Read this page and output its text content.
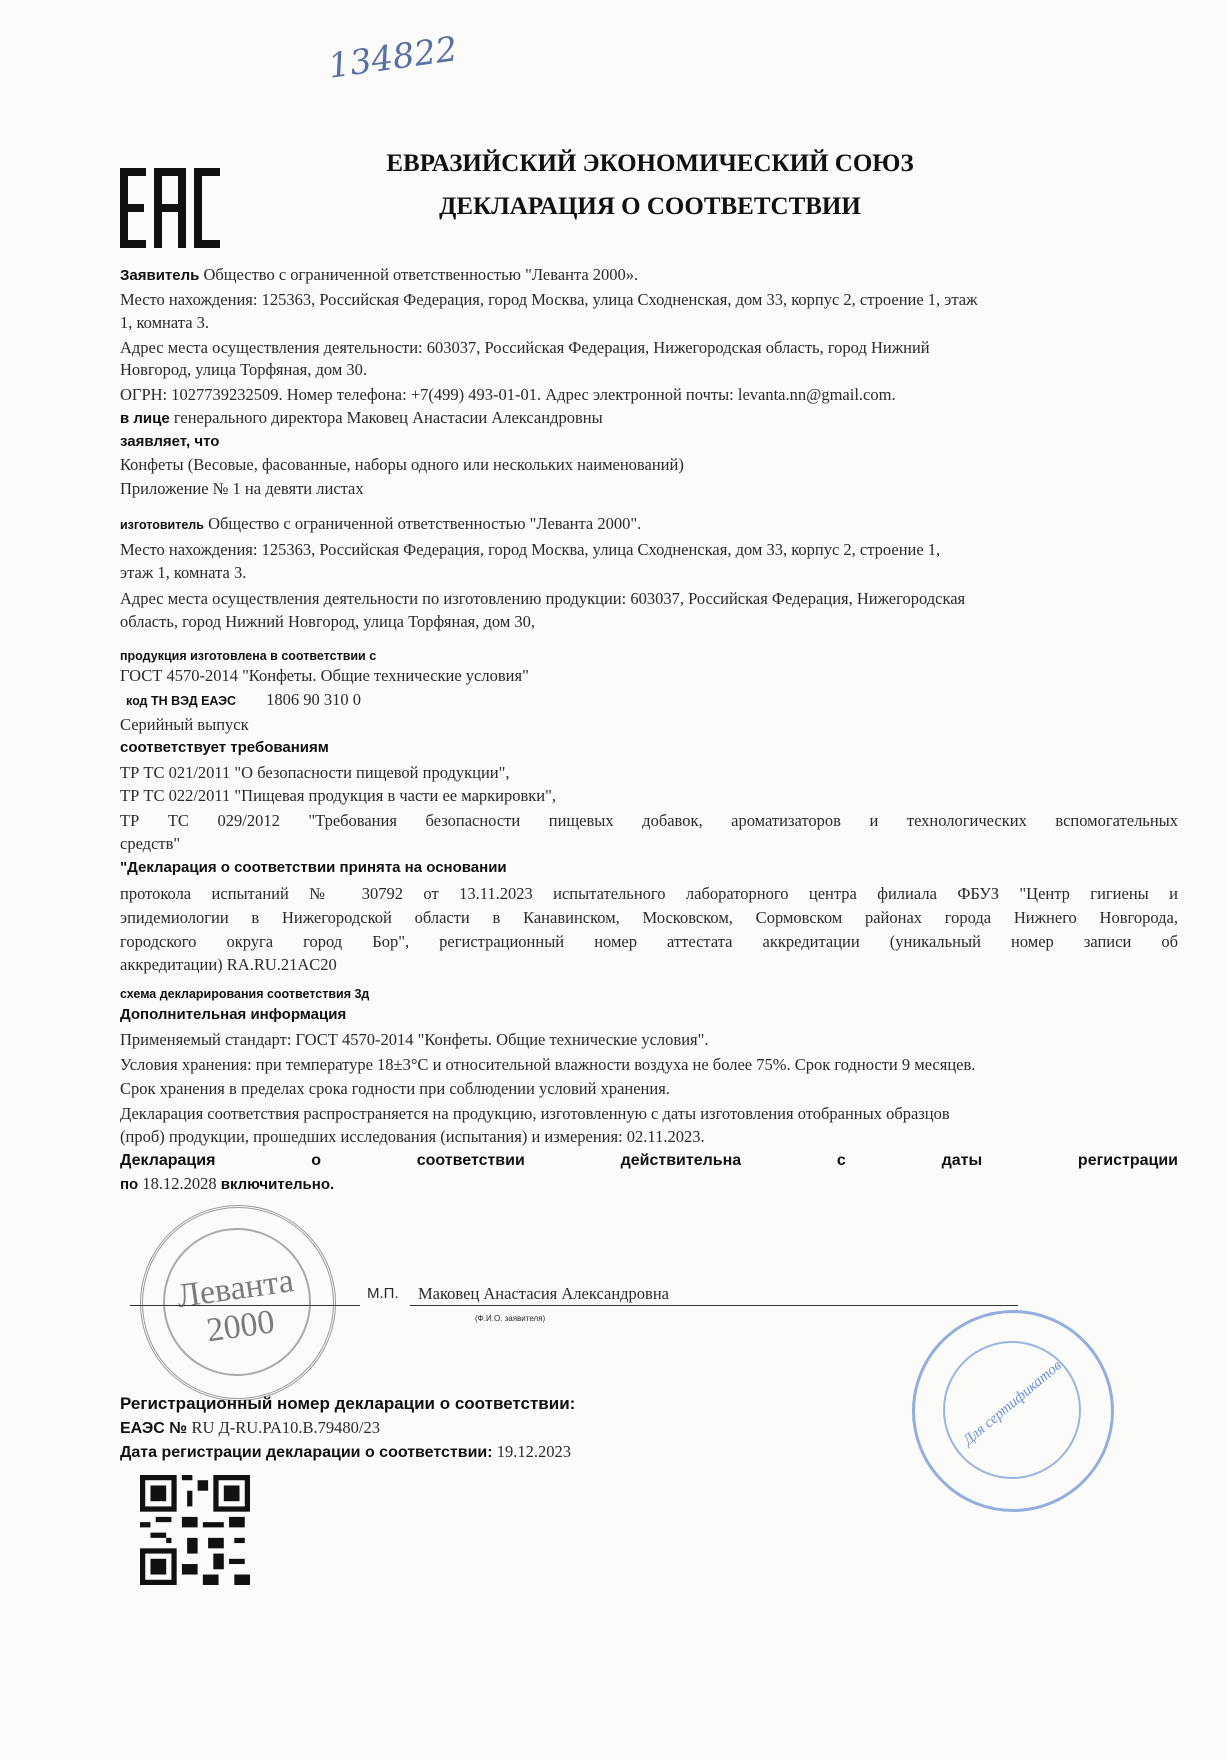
134822
ЕВРАЗИЙСКИЙ ЭКОНОМИЧЕСКИЙ СОЮЗ
ДЕКЛАРАЦИЯ О СООТВЕТСТВИИ
Заявитель Общество с ограниченной ответственностью "Леванта 2000».
Место нахождения: 125363, Российская Федерация, город Москва, улица Сходненская, дом 33, корпус 2, строение 1, этаж
1, комната 3.
Адрес места осуществления деятельности: 603037, Российская Федерация, Нижегородская область, город Нижний
Новгород, улица Торфяная, дом 30.
ОГРН: 1027739232509. Номер телефона: +7(499) 493-01-01. Адрес электронной почты: levanta.nn@gmail.com.
в лице генерального директора Маковец Анастасии Александровны
заявляет, что
Конфеты (Весовые, фасованные, наборы одного или нескольких наименований)
Приложение № 1 на девяти листах
изготовитель Общество с ограниченной ответственностью "Леванта 2000".
Место нахождения: 125363, Российская Федерация, город Москва, улица Сходненская, дом 33, корпус 2, строение 1,
этаж 1, комната 3.
Адрес места осуществления деятельности по изготовлению продукции: 603037, Российская Федерация, Нижегородская
область, город Нижний Новгород, улица Торфяная, дом 30,
продукция изготовлена в соответствии с
ГОСТ 4570-2014 "Конфеты. Общие технические условия"
код ТН ВЭД ЕАЭС 1806 90 310 0
Серийный выпуск
соответствует требованиям
ТР ТС 021/2011 "О безопасности пищевой продукции",
ТР ТС 022/2011 "Пищевая продукция в части ее маркировки",
ТР ТС 029/2012 "Требования безопасности пищевых добавок, ароматизаторов и технологических вспомогательных
средств"
"Декларация о соответствии принята на основании
протокола испытаний № 30792 от 13.11.2023 испытательного лабораторного центра филиала ФБУЗ "Центр гигиены и
эпидемиологии в Нижегородской области в Канавинском, Московском, Сормовском районах города Нижнего Новгорода,
городского округа город Бор", регистрационный номер аттестата аккредитации (уникальный номер записи об
аккредитации) RA.RU.21AC20
схема декларирования соответствия 3д
Дополнительная информация
Применяемый стандарт: ГОСТ 4570-2014 "Конфеты. Общие технические условия".
Условия хранения: при температуре 18±3°С и относительной влажности воздуха не более 75%. Срок годности 9 месяцев.
Срок хранения в пределах срока годности при соблюдении условий хранения.
Декларация соответствия распространяется на продукцию, изготовленную с даты изготовления отобранных образцов
(проб) продукции, прошедших исследования (испытания) и измерения: 02.11.2023.
Декларация о соответствии действительна с даты регистрации
по 18.12.2028 включительно.
Леванта 2000
М.П.	Маковец Анастасия Александровна
(Ф.И.О. заявителя)
Регистрационный номер декларации о соответствии:
ЕАЭС № RU Д-RU.PA10.B.79480/23
Дата регистрации декларации о соответствии: 19.12.2023
Для сертификатов
